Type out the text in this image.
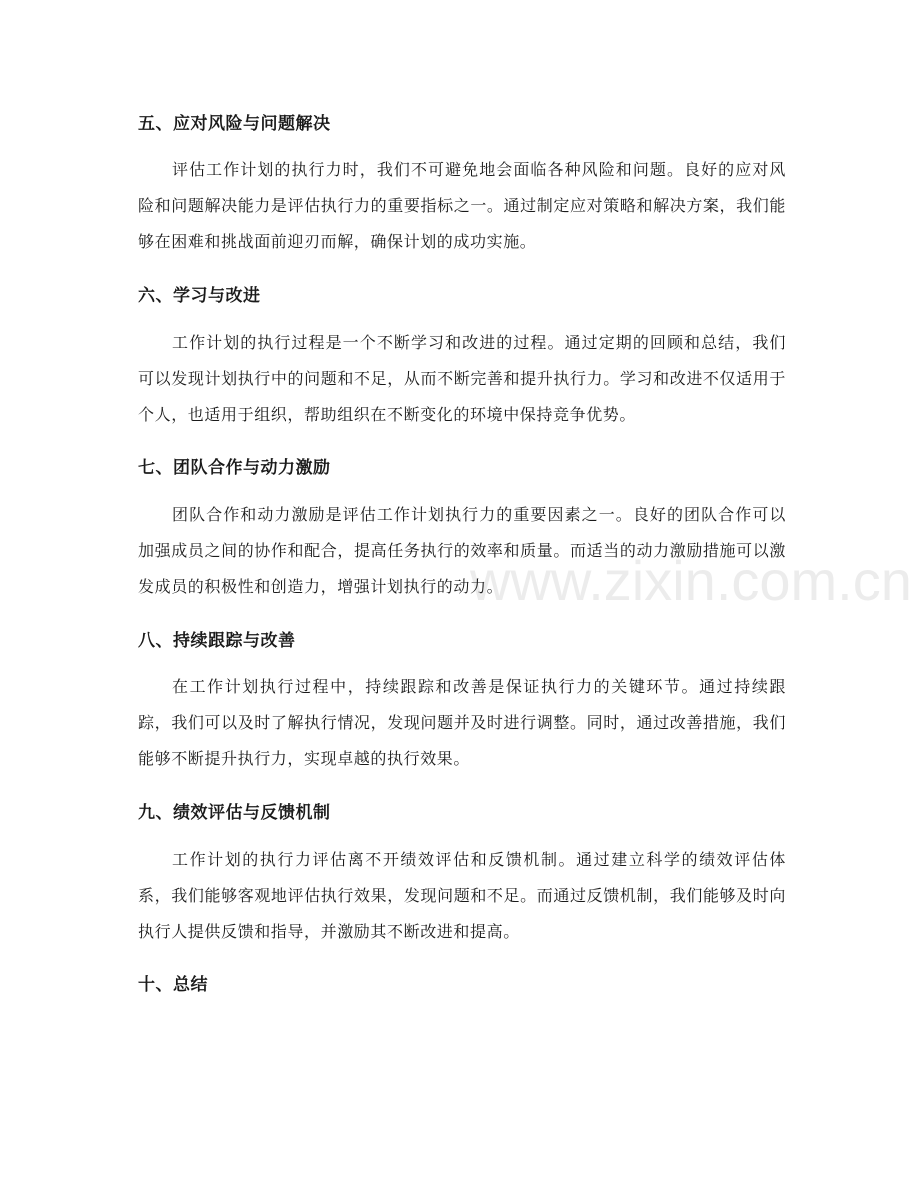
五、应对风险与问题解决

评估工作计划的执行力时，我们不可避免地会面临各种风险和问题。良好的应对风险和问题解决能力是评估执行力的重要指标之一。通过制定应对策略和解决方案，我们能够在困难和挑战面前迎刃而解，确保计划的成功实施。

六、学习与改进

工作计划的执行过程是一个不断学习和改进的过程。通过定期的回顾和总结，我们可以发现计划执行中的问题和不足，从而不断完善和提升执行力。学习和改进不仅适用于个人，也适用于组织，帮助组织在不断变化的环境中保持竞争优势。

七、团队合作与动力激励

团队合作和动力激励是评估工作计划执行力的重要因素之一。良好的团队合作可以加强成员之间的协作和配合，提高任务执行的效率和质量。而适当的动力激励措施可以激发成员的积极性和创造力，增强计划执行的动力。

八、持续跟踪与改善

在工作计划执行过程中，持续跟踪和改善是保证执行力的关键环节。通过持续跟踪，我们可以及时了解执行情况，发现问题并及时进行调整。同时，通过改善措施，我们能够不断提升执行力，实现卓越的执行效果。

九、绩效评估与反馈机制

工作计划的执行力评估离不开绩效评估和反馈机制。通过建立科学的绩效评估体系，我们能够客观地评估执行效果，发现问题和不足。而通过反馈机制，我们能够及时向执行人提供反馈和指导，并激励其不断改进和提高。

十、总结
www.zixin.com.cn
